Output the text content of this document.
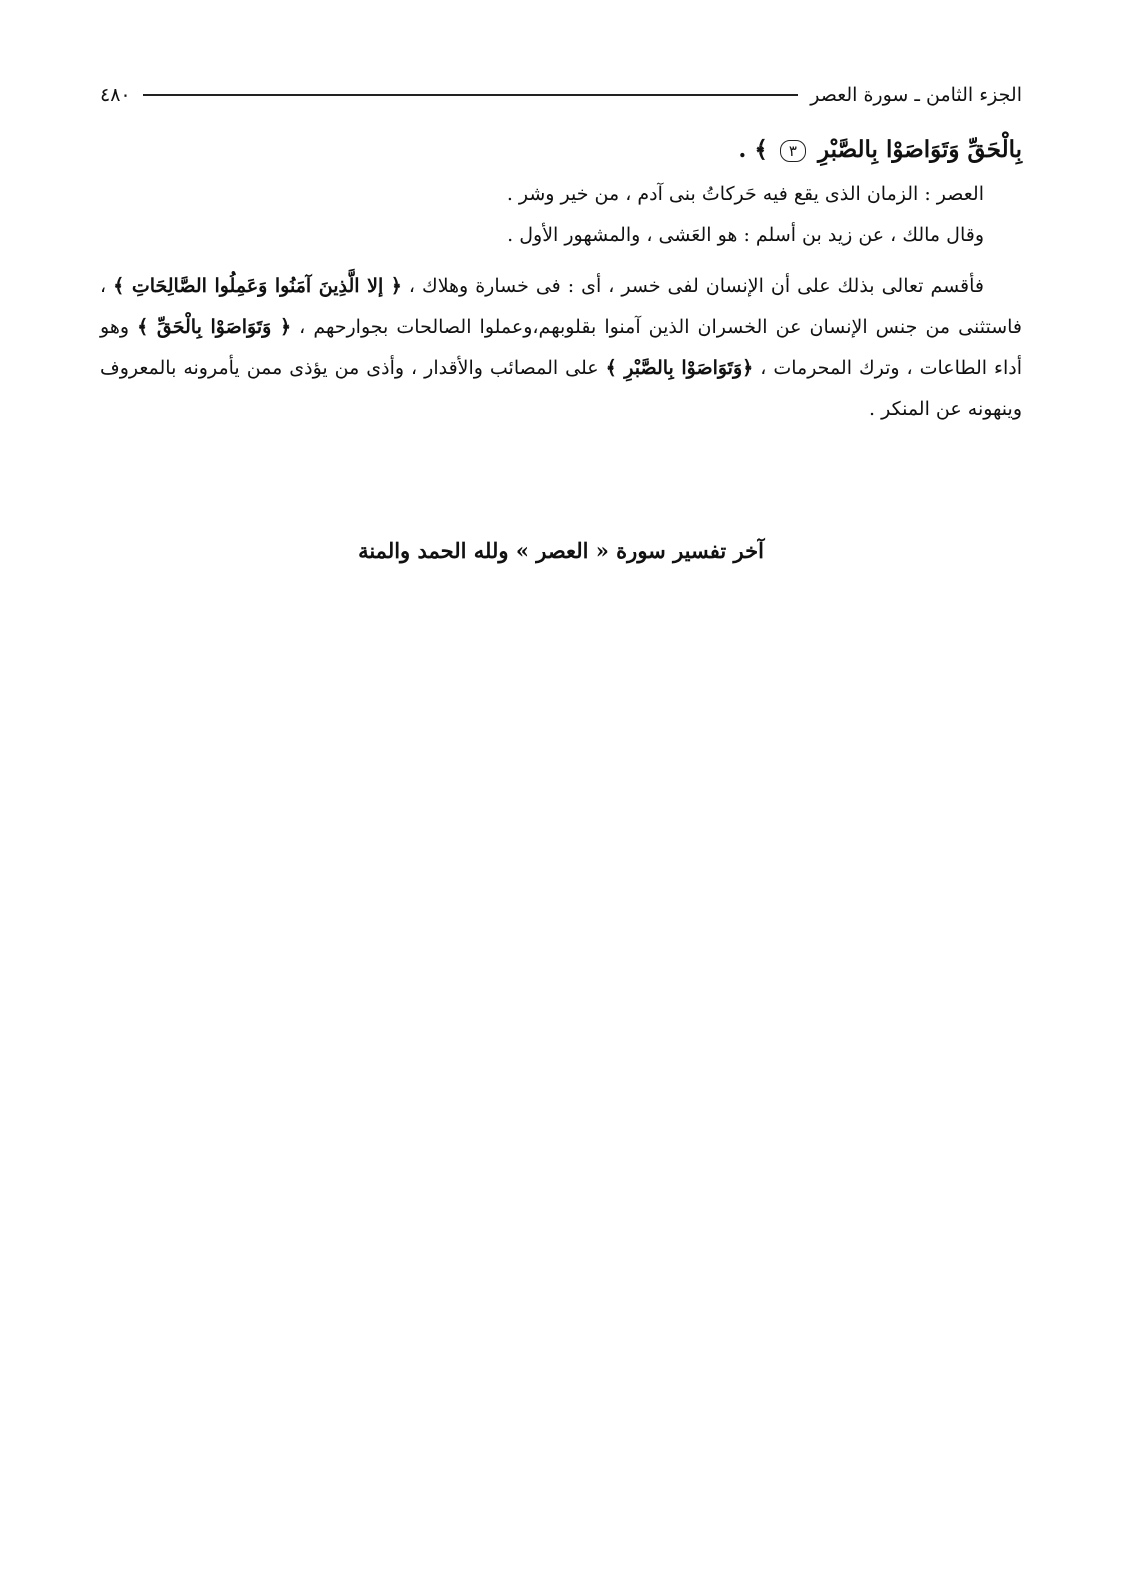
الجزء الثامن ـ سورة العصر
٤٨٠

بِالْحَقِّ وَتَوَاصَوْا بِالصَّبْرِ ٣ ﴾ .

العصر : الزمان الذى يقع فيه حَركاتُ بنى آدم ، من خير وشر .

وقال مالك ، عن زيد بن أسلم : هو العَشى ، والمشهور الأول .

فأقسم تعالى بذلك على أن الإنسان لفى خسر ، أى : فى خسارة وهلاك ، ﴿ إلا الَّذِينَ آمَنُوا وَعَمِلُوا الصَّالِحَاتِ ﴾ ، فاستثنى من جنس الإنسان عن الخسران الذين آمنوا بقلوبهم،وعملوا الصالحات بجوارحهم ، ﴿ وَتَوَاصَوْا بِالْحَقِّ ﴾ وهو أداء الطاعات ، وترك المحرمات ، ﴿وَتَوَاصَوْا بِالصَّبْرِ ﴾ على المصائب والأقدار ، وأذى من يؤذى ممن يأمرونه بالمعروف وينهونه عن المنكر .

آخر تفسير سورة « العصر » ولله الحمد والمنة
